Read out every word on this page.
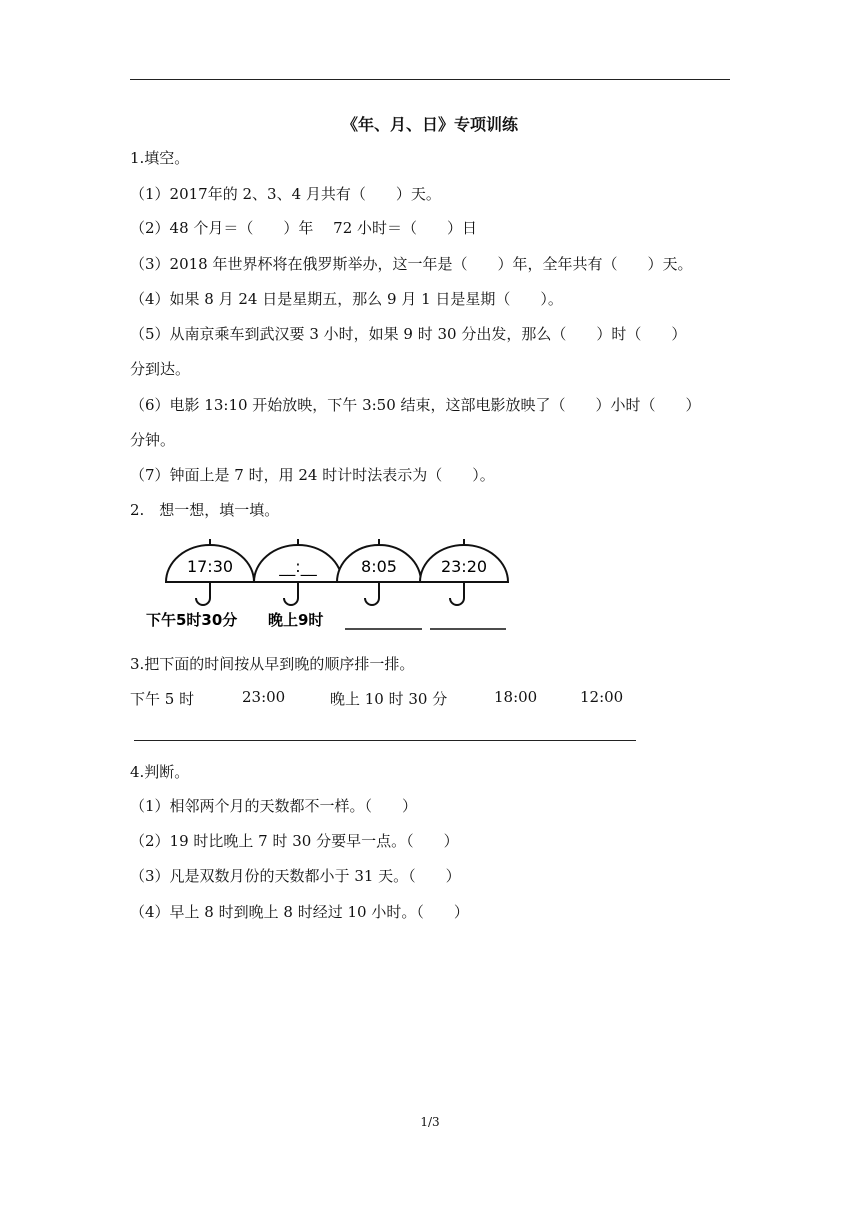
《年、月、日》专项训练
1.填空。
（1）2017年的 2、3、4 月共有（　　）天。
（2）48 个月＝（　　）年　 72 小时＝（　　）日
（3）2018 年世界杯将在俄罗斯举办，这一年是（　　）年，全年共有（　　）天。
（4）如果 8 月 24 日是星期五，那么 9 月 1 日是星期（　　）。
（5）从南京乘车到武汉要 3 小时，如果 9 时 30 分出发，那么（　　）时（　　）
分到达。
（6）电影 13:10 开始放映，下午 3:50 结束，这部电影放映了（　　）小时（　　）
分钟。
（7）钟面上是 7 时，用 24 时计时法表示为（　　）。
2.　想一想，填一填。
17:30	__:__	8:05	23:20
下午5时30分 晚上9时
3.把下面的时间按从早到晚的顺序排一排。
下午 5 时	23:00	晚上 10 时 30 分	18:00	12:00
4.判断。
（1）相邻两个月的天数都不一样。（　　）
（2）19 时比晚上 7 时 30 分要早一点。（　　）
（3）凡是双数月份的天数都小于 31 天。（　　）
（4）早上 8 时到晚上 8 时经过 10 小时。（　　）
1/3
